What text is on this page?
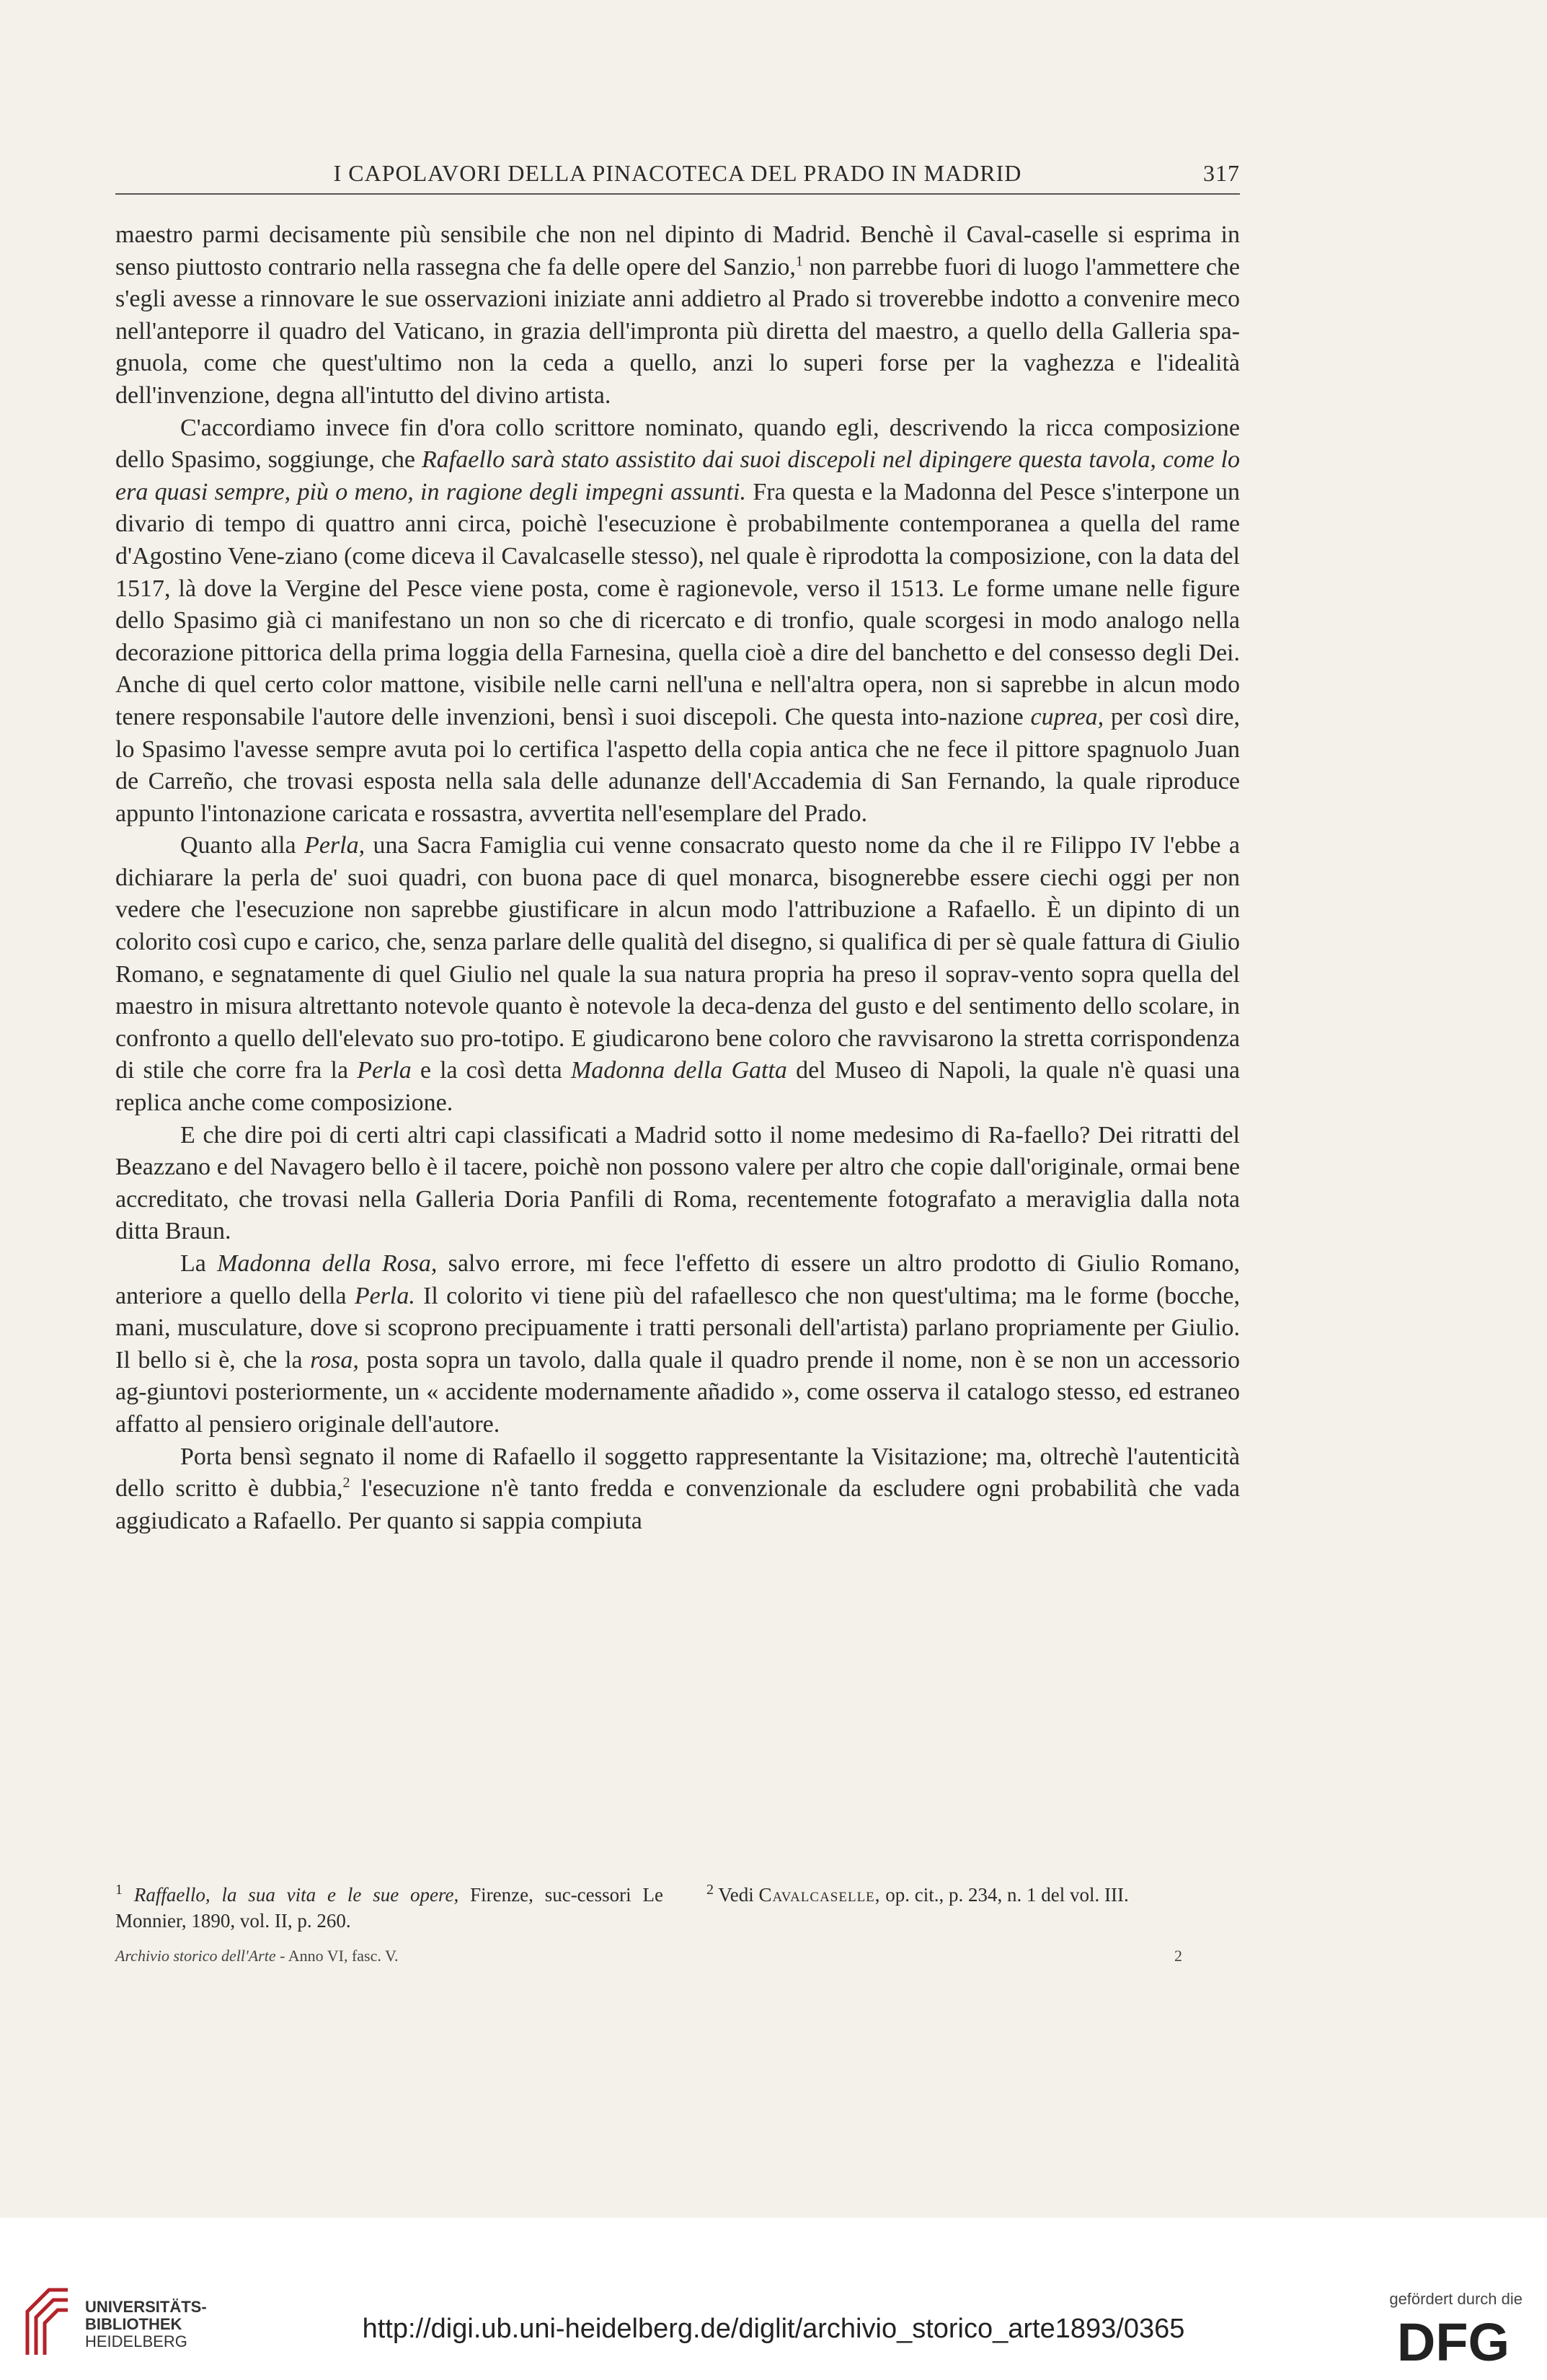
I CAPOLAVORI DELLA PINACOTECA DEL PRADO IN MADRID	317

maestro parmi decisamente più sensibile che non nel dipinto di Madrid. Benchè il Caval-caselle si esprima in senso piuttosto contrario nella rassegna che fa delle opere del Sanzio,$^1$ non parrebbe fuori di luogo l'ammettere che s'egli avesse a rinnovare le sue osservazioni iniziate anni addietro al Prado si troverebbe indotto a convenire meco nell'anteporre il quadro del Vaticano, in grazia dell'impronta più diretta del maestro, a quello della Galleria spa-gnuola, come che quest'ultimo non la ceda a quello, anzi lo superi forse per la vaghezza e l'idealità dell'invenzione, degna all'intutto del divino artista.

C'accordiamo invece fin d'ora collo scrittore nominato, quando egli, descrivendo la ricca composizione dello Spasimo, soggiunge, che Rafaello sarà stato assistito dai suoi discepoli nel dipingere questa tavola, come lo era quasi sempre, più o meno, in ragione degli impegni assunti. Fra questa e la Madonna del Pesce s'interpone un divario di tempo di quattro anni circa, poichè l'esecuzione è probabilmente contemporanea a quella del rame d'Agostino Vene-ziano (come diceva il Cavalcaselle stesso), nel quale è riprodotta la composizione, con la data del 1517, là dove la Vergine del Pesce viene posta, come è ragionevole, verso il 1513. Le forme umane nelle figure dello Spasimo già ci manifestano un non so che di ricercato e di tronfio, quale scorgesi in modo analogo nella decorazione pittorica della prima loggia della Farnesina, quella cioè a dire del banchetto e del consesso degli Dei. Anche di quel certo color mattone, visibile nelle carni nell'una e nell'altra opera, non si saprebbe in alcun modo tenere responsabile l'autore delle invenzioni, bensì i suoi discepoli. Che questa into-nazione cuprea, per così dire, lo Spasimo l'avesse sempre avuta poi lo certifica l'aspetto della copia antica che ne fece il pittore spagnuolo Juan de Carreño, che trovasi esposta nella sala delle adunanze dell'Accademia di San Fernando, la quale riproduce appunto l'intonazione caricata e rossastra, avvertita nell'esemplare del Prado.

Quanto alla Perla, una Sacra Famiglia cui venne consacrato questo nome da che il re Filippo IV l'ebbe a dichiarare la perla de' suoi quadri, con buona pace di quel monarca, bisognerebbe essere ciechi oggi per non vedere che l'esecuzione non saprebbe giustificare in alcun modo l'attribuzione a Rafaello. È un dipinto di un colorito così cupo e carico, che, senza parlare delle qualità del disegno, si qualifica di per sè quale fattura di Giulio Romano, e segnatamente di quel Giulio nel quale la sua natura propria ha preso il soprav-vento sopra quella del maestro in misura altrettanto notevole quanto è notevole la deca-denza del gusto e del sentimento dello scolare, in confronto a quello dell'elevato suo pro-totipo. E giudicarono bene coloro che ravvisarono la stretta corrispondenza di stile che corre fra la Perla e la così detta Madonna della Gatta del Museo di Napoli, la quale n'è quasi una replica anche come composizione.

E che dire poi di certi altri capi classificati a Madrid sotto il nome medesimo di Ra-faello? Dei ritratti del Beazzano e del Navagero bello è il tacere, poichè non possono valere per altro che copie dall'originale, ormai bene accreditato, che trovasi nella Galleria Doria Panfili di Roma, recentemente fotografato a meraviglia dalla nota ditta Braun.

La Madonna della Rosa, salvo errore, mi fece l'effetto di essere un altro prodotto di Giulio Romano, anteriore a quello della Perla. Il colorito vi tiene più del rafaellesco che non quest'ultima; ma le forme (bocche, mani, musculature, dove si scoprono precipuamente i tratti personali dell'artista) parlano propriamente per Giulio. Il bello si è, che la rosa, posta sopra un tavolo, dalla quale il quadro prende il nome, non è se non un accessorio ag-giuntovi posteriormente, un « accidente modernamente añadido », come osserva il catalogo stesso, ed estraneo affatto al pensiero originale dell'autore.

Porta bensì segnato il nome di Rafaello il soggetto rappresentante la Visitazione; ma, oltrechè l'autenticità dello scritto è dubbia,$^2$ l'esecuzione n'è tanto fredda e convenzionale da escludere ogni probabilità che vada aggiudicato a Rafaello. Per quanto si sappia compiuta

$^1$ Raffaello, la sua vita e le sue opere, Firenze, suc-cessori Le Monnier, 1890, vol. II, p. 260.
$^2$ Vedi Cavalcaselle, op. cit., p. 234, n. 1 del vol. III.
Archivio storico dell'Arte - Anno VI, fasc. V.	2
UNIVERSITÄTS-
BIBLIOTHEK
HEIDELBERG	http://digi.ub.uni-heidelberg.de/diglit/archivio_storico_arte1893/0365
gefördert durch die
DFG
